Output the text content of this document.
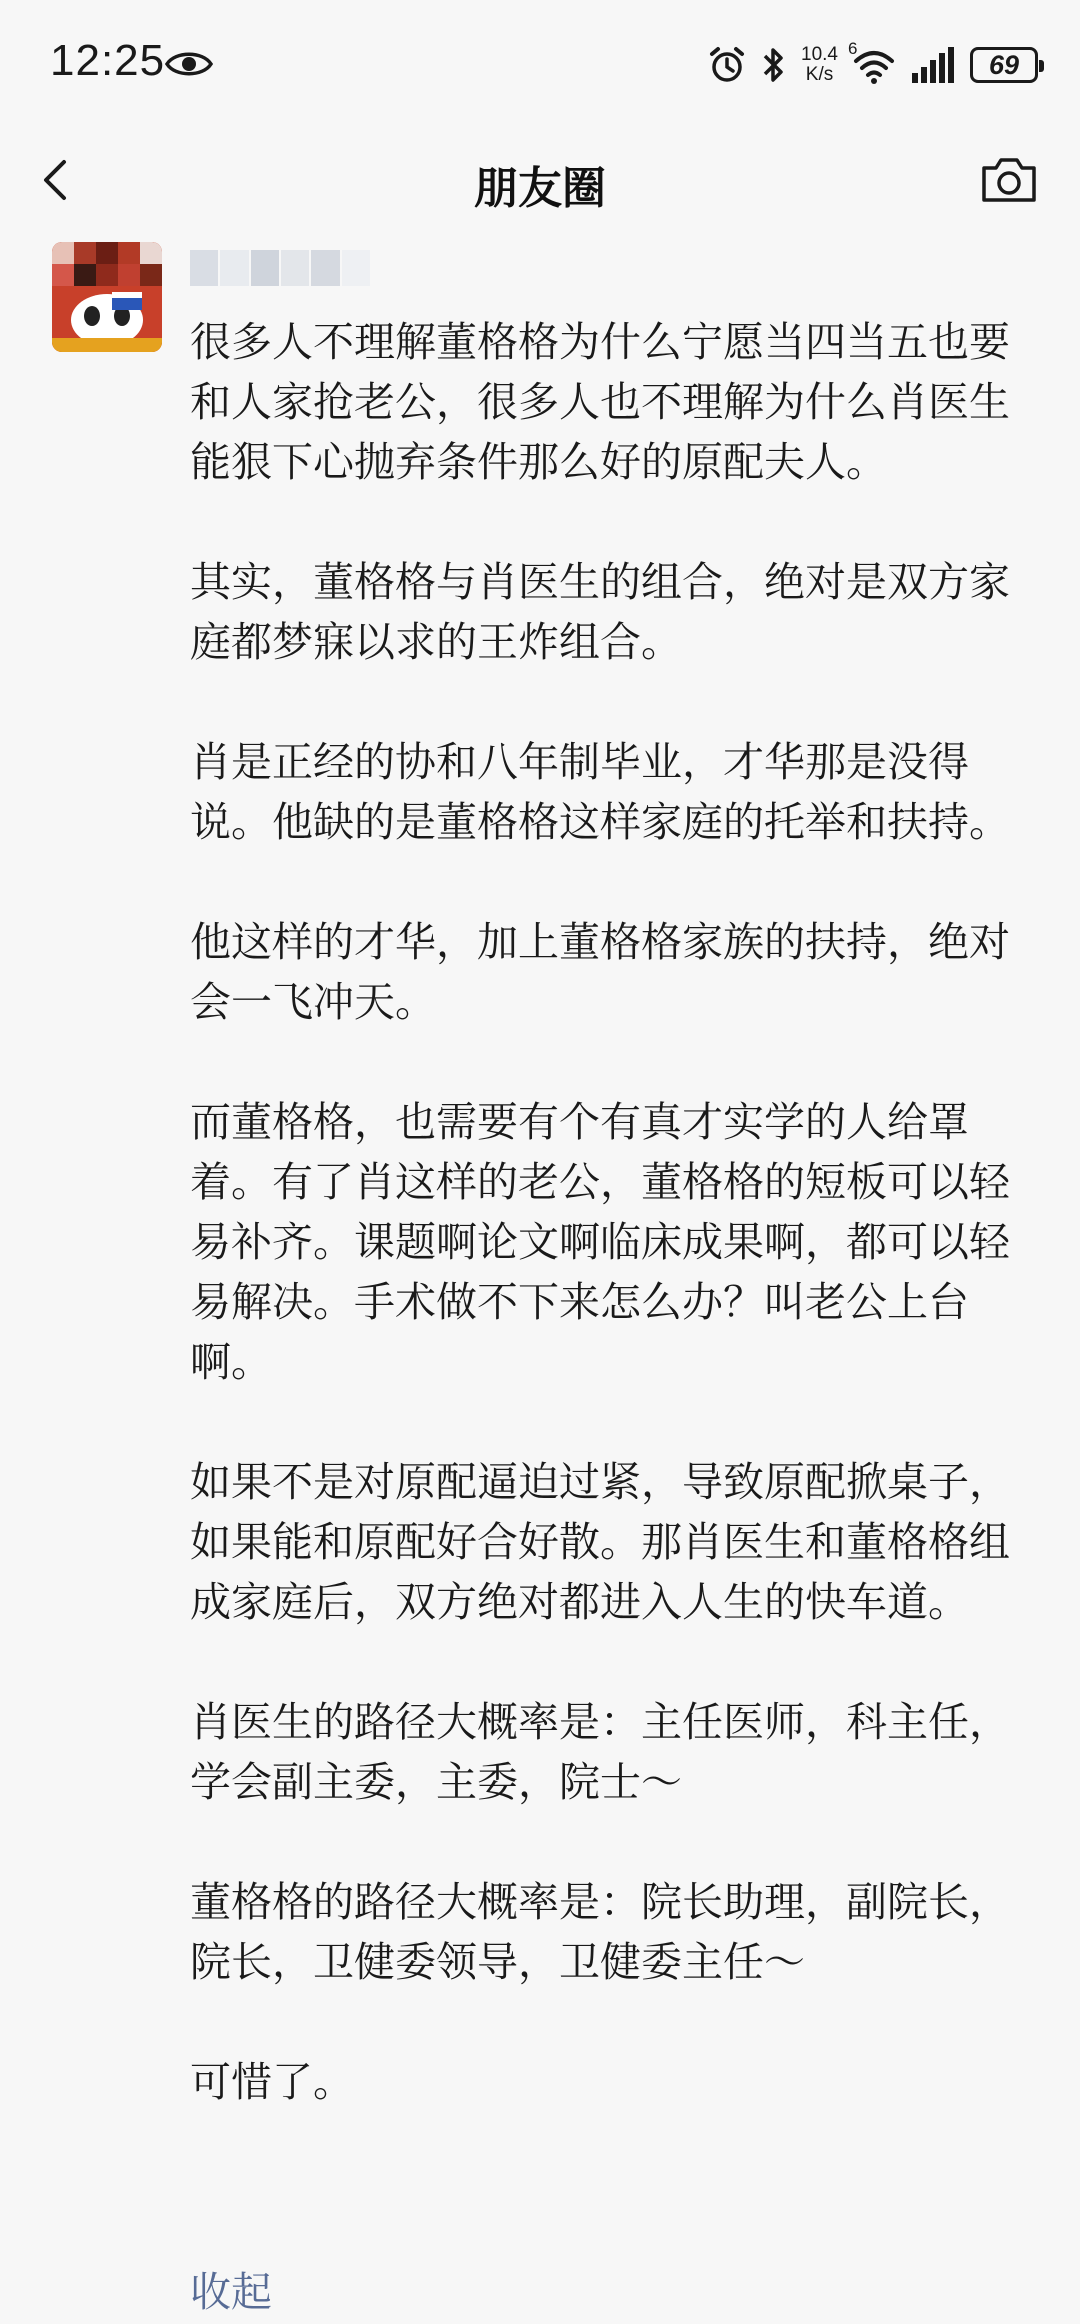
12:25	10.4
K/s
6
69
朋友圈

很多人不理解董格格为什么宁愿当四当五也要和人家抢老公，很多人也不理解为什么肖医生能狠下心抛弃条件那么好的原配夫人。

其实，董格格与肖医生的组合，绝对是双方家庭都梦寐以求的王炸组合。

肖是正经的协和八年制毕业，才华那是没得说。他缺的是董格格这样家庭的托举和扶持。

他这样的才华，加上董格格家族的扶持，绝对会一飞冲天。

而董格格，也需要有个有真才实学的人给罩着。有了肖这样的老公，董格格的短板可以轻易补齐。课题啊论文啊临床成果啊，都可以轻易解决。手术做不下来怎么办？叫老公上台啊。

如果不是对原配逼迫过紧，导致原配掀桌子，如果能和原配好合好散。那肖医生和董格格组成家庭后，双方绝对都进入人生的快车道。

肖医生的路径大概率是：主任医师，科主任，学会副主委，主委，院士～

董格格的路径大概率是：院长助理，副院长，院长，卫健委领导，卫健委主任～

可惜了。

收起
